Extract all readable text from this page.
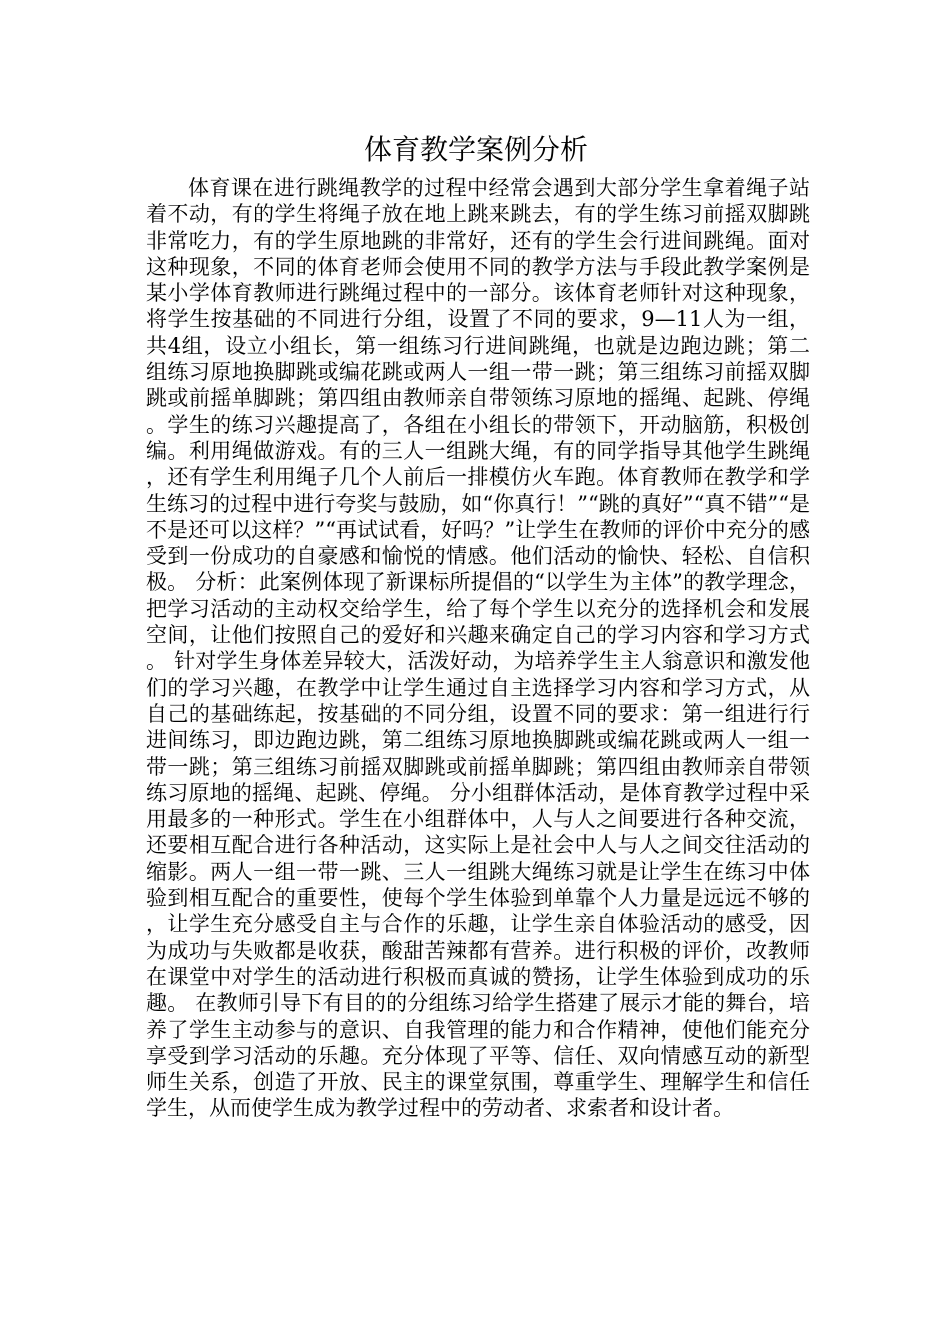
体育教学案例分析

体育课在进行跳绳教学的过程中经常会遇到大部分学生拿着绳子站着不动，有的学生将绳子放在地上跳来跳去，有的学生练习前摇双脚跳非常吃力，有的学生原地跳的非常好，还有的学生会行进间跳绳。面对这种现象，不同的体育老师会使用不同的教学方法与手段此教学案例是某小学体育教师进行跳绳过程中的一部分。该体育老师针对这种现象，将学生按基础的不同进行分组，设置了不同的要求，9—11人为一组，共4组，设立小组长，第一组练习行进间跳绳，也就是边跑边跳；第二组练习原地换脚跳或编花跳或两人一组一带一跳；第三组练习前摇双脚跳或前摇单脚跳；第四组由教师亲自带领练习原地的摇绳、起跳、停绳。学生的练习兴趣提高了，各组在小组长的带领下，开动脑筋，积极创编。利用绳做游戏。有的三人一组跳大绳，有的同学指导其他学生跳绳，还有学生利用绳子几个人前后一排模仿火车跑。体育教师在教学和学生练习的过程中进行夸奖与鼓励，如“你真行！”“跳的真好”“真不错”“是不是还可以这样？”“再试试看，好吗？”让学生在教师的评价中充分的感受到一份成功的自豪感和愉悦的情感。他们活动的愉快、轻松、自信积极。 分析：此案例体现了新课标所提倡的“以学生为主体”的教学理念，把学习活动的主动权交给学生，给了每个学生以充分的选择机会和发展空间，让他们按照自己的爱好和兴趣来确定自己的学习内容和学习方式。 针对学生身体差异较大，活泼好动，为培养学生主人翁意识和激发他们的学习兴趣，在教学中让学生通过自主选择学习内容和学习方式，从自己的基础练起，按基础的不同分组，设置不同的要求：第一组进行行进间练习，即边跑边跳，第二组练习原地换脚跳或编花跳或两人一组一带一跳；第三组练习前摇双脚跳或前摇单脚跳；第四组由教师亲自带领练习原地的摇绳、起跳、停绳。 分小组群体活动，是体育教学过程中采用最多的一种形式。学生在小组群体中，人与人之间要进行各种交流，还要相互配合进行各种活动，这实际上是社会中人与人之间交往活动的缩影。两人一组一带一跳、三人一组跳大绳练习就是让学生在练习中体验到相互配合的重要性，使每个学生体验到单靠个人力量是远远不够的，让学生充分感受自主与合作的乐趣，让学生亲自体验活动的感受，因为成功与失败都是收获，酸甜苦辣都有营养。进行积极的评价，改教师在课堂中对学生的活动进行积极而真诚的赞扬，让学生体验到成功的乐趣。 在教师引导下有目的的分组练习给学生搭建了展示才能的舞台，培养了学生主动参与的意识、自我管理的能力和合作精神，使他们能充分享受到学习活动的乐趣。充分体现了平等、信任、双向情感互动的新型师生关系，创造了开放、民主的课堂氛围，尊重学生、理解学生和信任学生，从而使学生成为教学过程中的劳动者、求索者和设计者。
